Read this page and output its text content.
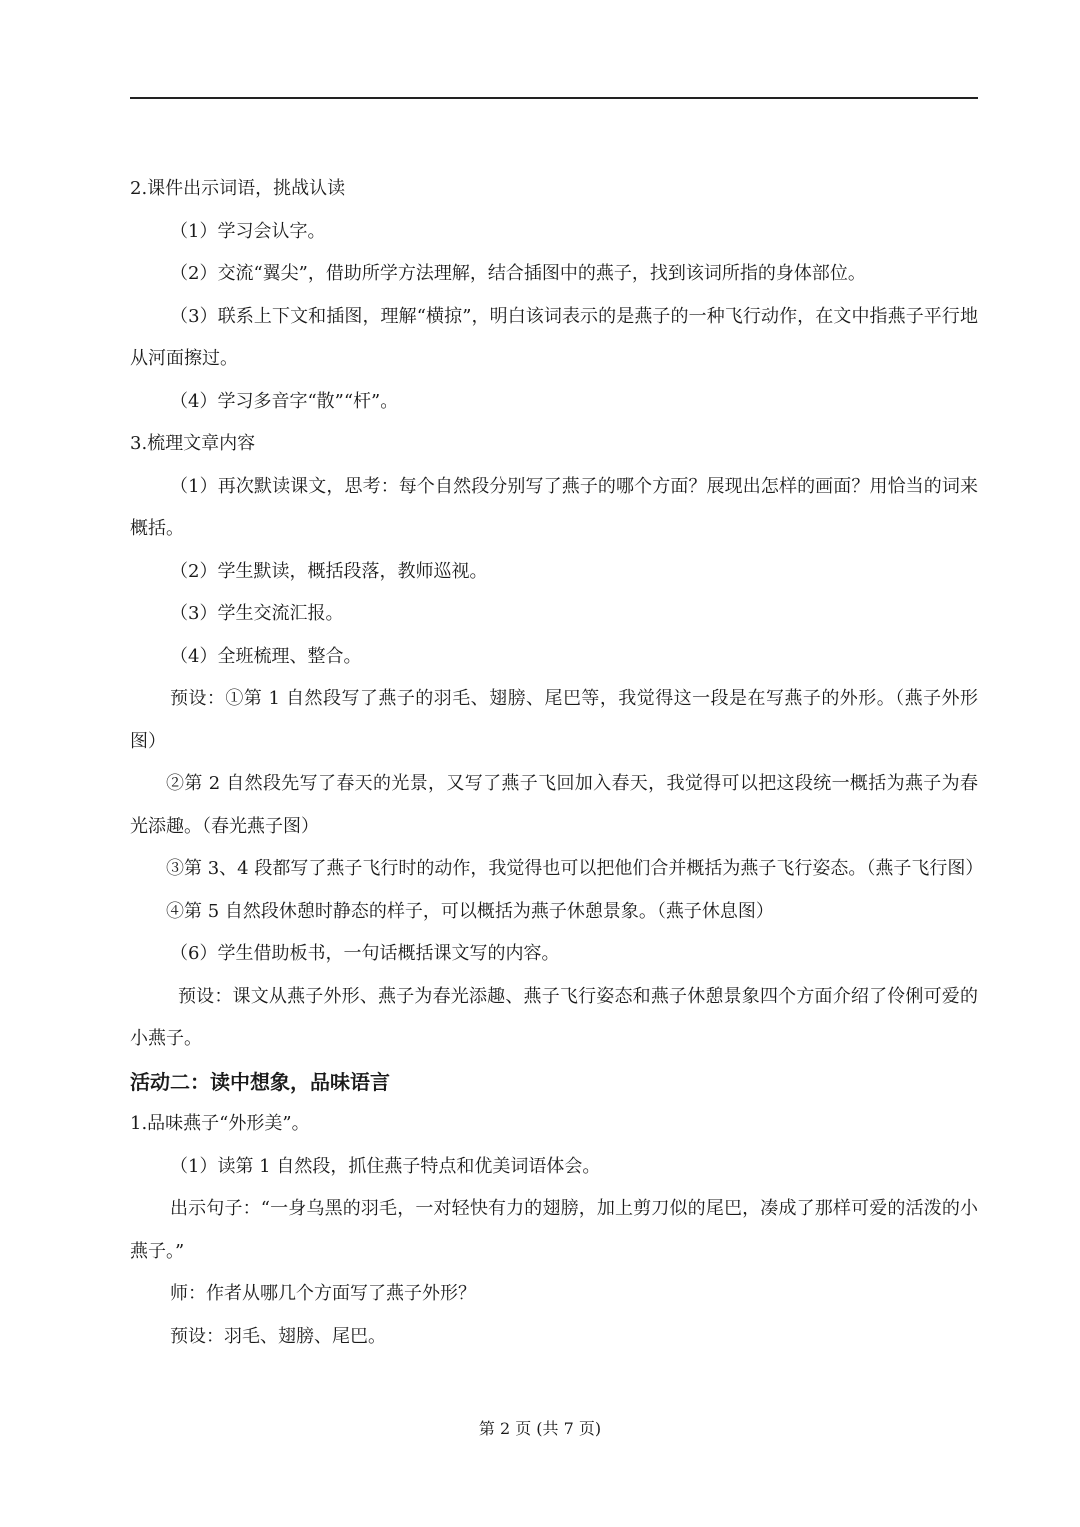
2.课件出示词语，挑战认读

（1）学习会认字。

（2）交流“翼尖”，借助所学方法理解，结合插图中的燕子，找到该词所指的身体部位。

（3）联系上下文和插图，理解“横掠”，明白该词表示的是燕子的一种飞行动作，在文中指燕子平行地从河面擦过。

（4）学习多音字“散”“杆”。

3.梳理文章内容

（1）再次默读课文，思考：每个自然段分别写了燕子的哪个方面？展现出怎样的画面？用恰当的词来概括。

（2）学生默读，概括段落，教师巡视。

（3）学生交流汇报。

（4）全班梳理、整合。

预设：①第 1 自然段写了燕子的羽毛、翅膀、尾巴等，我觉得这一段是在写燕子的外形。（燕子外形图）

②第 2 自然段先写了春天的光景，又写了燕子飞回加入春天，我觉得可以把这段统一概括为燕子为春光添趣。（春光燕子图）

③第 3、4 段都写了燕子飞行时的动作，我觉得也可以把他们合并概括为燕子飞行姿态。（燕子飞行图）

④第 5 自然段休憩时静态的样子，可以概括为燕子休憩景象。（燕子休息图）

（6）学生借助板书，一句话概括课文写的内容。

预设：课文从燕子外形、燕子为春光添趣、燕子飞行姿态和燕子休憩景象四个方面介绍了伶俐可爱的小燕子。

活动二：读中想象，品味语言

1.品味燕子“外形美”。

（1）读第 1 自然段，抓住燕子特点和优美词语体会。

出示句子：“一身乌黑的羽毛，一对轻快有力的翅膀，加上剪刀似的尾巴，凑成了那样可爱的活泼的小燕子。”

师：作者从哪几个方面写了燕子外形？

预设：羽毛、翅膀、尾巴。

第 2 页 (共 7 页)
